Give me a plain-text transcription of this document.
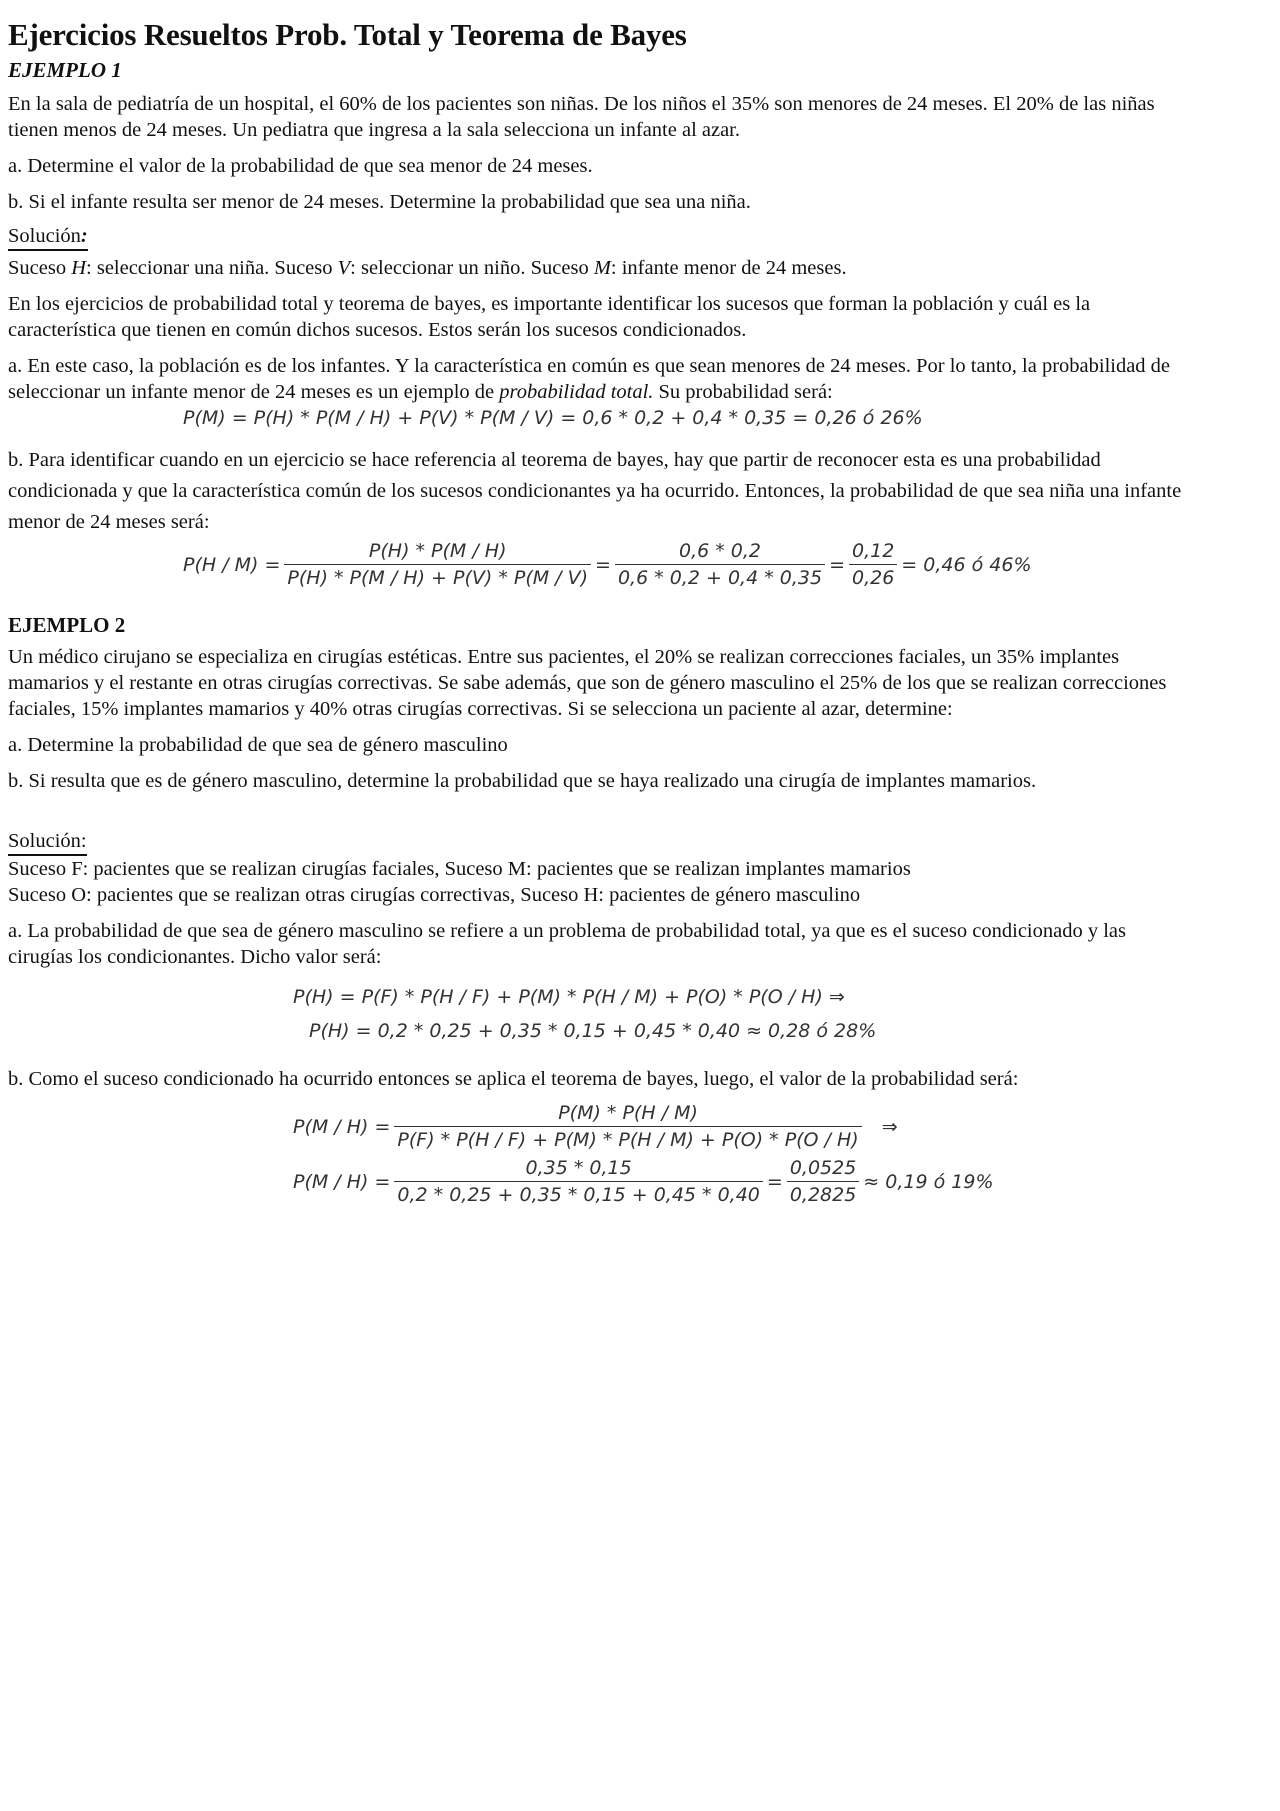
Ejercicios Resueltos Prob. Total y Teorema de Bayes
EJEMPLO 1

En la sala de pediatría de un hospital, el 60% de los pacientes son niñas. De los niños el 35% son menores de 24 meses. El 20% de las niñas tienen menos de 24 meses. Un pediatra que ingresa a la sala selecciona un infante al azar.

a. Determine el valor de la probabilidad de que sea menor de 24 meses.

b. Si el infante resulta ser menor de 24 meses. Determine la probabilidad que sea una niña.

Solución:

Suceso H: seleccionar una niña. Suceso V: seleccionar un niño. Suceso M: infante menor de 24 meses.

En los ejercicios de probabilidad total y teorema de bayes, es importante identificar los sucesos que forman la población y cuál es la característica que tienen en común dichos sucesos. Estos serán los sucesos condicionados.

a. En este caso, la población es de los infantes. Y la característica en común es que sean menores de 24 meses. Por lo tanto, la probabilidad de seleccionar un infante menor de 24 meses es un ejemplo de probabilidad total. Su probabilidad será:

P(M) = P(H) * P(M / H) + P(V) * P(M / V) = 0,6 * 0,2 + 0,4 * 0,35 = 0,26 ó 26%

b. Para identificar cuando en un ejercicio se hace referencia al teorema de bayes, hay que partir de reconocer esta es una probabilidad condicionada y que la característica común de los sucesos condicionantes ya ha ocurrido. Entonces, la probabilidad de que sea niña una infante menor de 24 meses será:

$P(H / M) = \frac{P(H) * P(M / H)}{P(H) * P(M / H) + P(V) * P(M / V)} = \frac{0,6 * 0,2}{0,6 * 0,2 + 0,4 * 0,35} = \frac{0,12}{0,26} = 0,46$ ó 46%
EJEMPLO 2

Un médico cirujano se especializa en cirugías estéticas. Entre sus pacientes, el 20% se realizan correcciones faciales, un 35% implantes mamarios y el restante en otras cirugías correctivas. Se sabe además, que son de género masculino el 25% de los que se realizan correcciones faciales, 15% implantes mamarios y 40% otras cirugías correctivas. Si se selecciona un paciente al azar, determine:

a. Determine la probabilidad de que sea de género masculino

b. Si resulta que es de género masculino, determine la probabilidad que se haya realizado una cirugía de implantes mamarios.

Solución:

Suceso F: pacientes que se realizan cirugías faciales, Suceso M: pacientes que se realizan implantes mamarios
Suceso O: pacientes que se realizan otras cirugías correctivas, Suceso H: pacientes de género masculino

a. La probabilidad de que sea de género masculino se refiere a un problema de probabilidad total, ya que es el suceso condicionado y las cirugías los condicionantes. Dicho valor será:

P(H) = P(F) * P(H / F) + P(M) * P(H / M) + P(O) * P(O / H) ⇒
P(H) = 0,2 * 0,25 + 0,35 * 0,15 + 0,45 * 0,40 ≈ 0,28 ó 28%

b. Como el suceso condicionado ha ocurrido entonces se aplica el teorema de bayes, luego, el valor de la probabilidad será:

$P(M / H) = \frac{P(M) * P(H / M)}{P(F) * P(H / F) + P(M) * P(H / M) + P(O) * P(O / H)}$ ⇒
$P(M / H) = \frac{0,35 * 0,15}{0,2 * 0,25 + 0,35 * 0,15 + 0,45 * 0,40} = \frac{0,0525}{0,2825} \approx 0,19$ ó 19%
